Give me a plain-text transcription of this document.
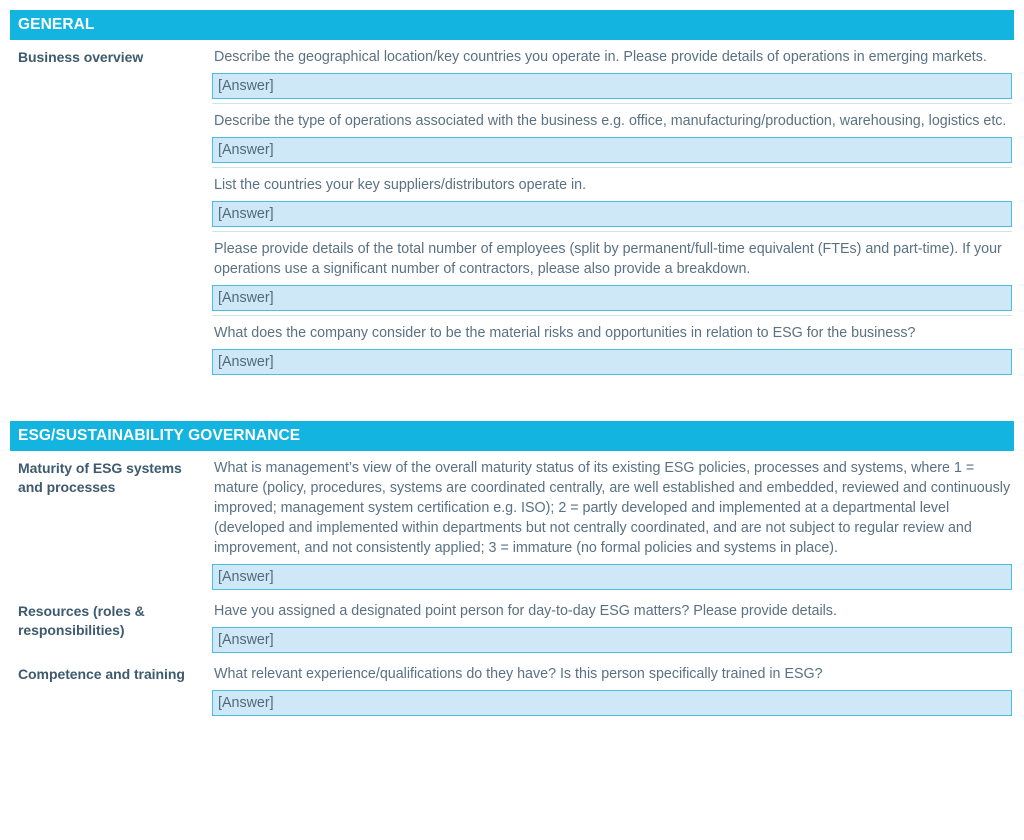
GENERAL
Business overview	Describe the geographical location/key countries you operate in. Please provide details of operations in emerging markets.
[Answer]
Describe the type of operations associated with the business e.g. office, manufacturing/production, warehousing, logistics etc.
[Answer]
List the countries your key suppliers/distributors operate in.
[Answer]
Please provide details of the total number of employees (split by permanent/full-time equivalent (FTEs) and part-time). If your operations use a significant number of contractors, please also provide a breakdown.
[Answer]
What does the company consider to be the material risks and opportunities in relation to ESG for the business?
[Answer]
ESG/SUSTAINABILITY GOVERNANCE
Maturity of ESG systems and processes
What is management’s view of the overall maturity status of its existing ESG policies, processes and systems, where 1 = mature (policy, procedures, systems are coordinated centrally, are well established and embedded, reviewed and continuously improved; management system certification e.g. ISO); 2 = partly developed and implemented at a departmental level (developed and implemented within departments but not centrally coordinated, and are not subject to regular review and improvement, and not consistently applied; 3 = immature (no formal policies and systems in place).
[Answer]
Resources (roles & responsibilities)
Have you assigned a designated point person for day-to-day ESG matters? Please provide details.
[Answer]
Competence and training	What relevant experience/qualifications do they have? Is this person specifically trained in ESG?
[Answer]
